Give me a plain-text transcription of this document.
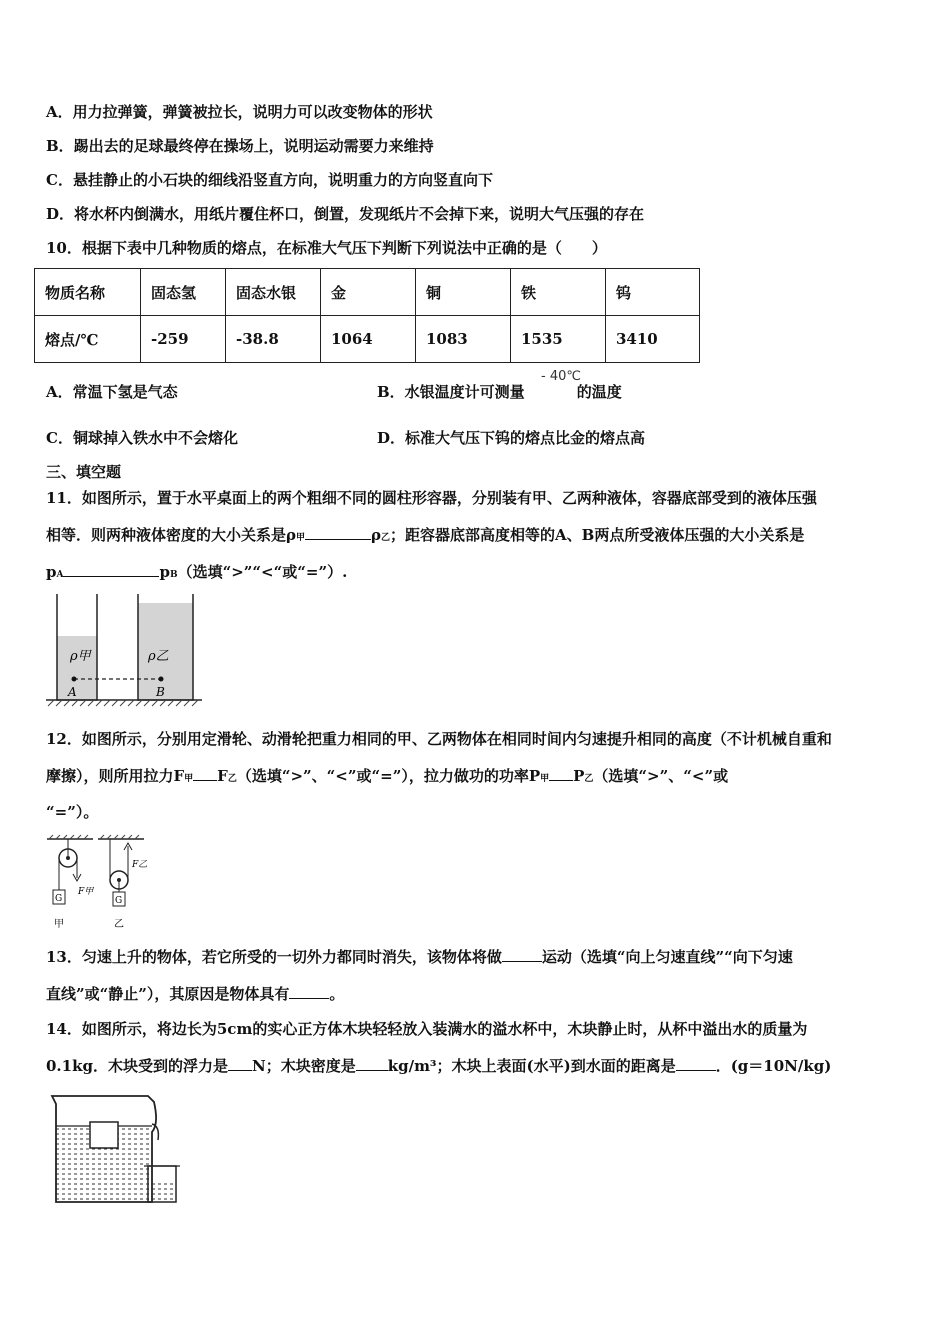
A．用力拉弹簧，弹簧被拉长，说明力可以改变物体的形状
B．踢出去的足球最终停在操场上，说明运动需要力来维持
C．悬挂静止的小石块的细线沿竖直方向，说明重力的方向竖直向下
D．将水杯内倒满水，用纸片覆住杯口，倒置，发现纸片不会掉下来，说明大气压强的存在
10．根据下表中几种物质的熔点，在标准大气压下判断下列说法中正确的是（　　）
物质名称	固态氢	固态水银	金	铜	铁	钨
熔点/℃	-259	-38.8	1064	1083	1535	3410
A．常温下氢是气态	B．水银温度计可测量	的温度
- 40℃
C．铜球掉入铁水中不会熔化	D．标准大气压下钨的熔点比金的熔点高
三、填空题
11．如图所示，置于水平桌面上的两个粗细不同的圆柱形容器，分别装有甲、乙两种液体，容器底部受到的液体压强
相等．则两种液体密度的大小关系是ρ甲	ρ乙；距容器底部高度相等的A、B两点所受液体压强的大小关系是
pA	pB（选填“>”“<“或“=”）.
ρ甲	ρ乙
A	B
12．如图所示，分别用定滑轮、动滑轮把重力相同的甲、乙两物体在相同时间内匀速提升相同的高度（不计机械自重和
摩擦），则所用拉力F甲 F乙（选填“>”、“<”或“=”），拉力做功的功率P甲 P乙（选填“>”、“<”或
“=”）。
G
F甲
甲
G
F乙
乙
13．匀速上升的物体，若它所受的一切外力都同时消失，该物体将做	运动（选填“向上匀速直线”“向下匀速
直线”或“静止”），其原因是物体具有	。
14．如图所示，将边长为5cm的实心正方体木块轻轻放入装满水的溢水杯中，木块静止时，从杯中溢出水的质量为
0.1kg．木块受到的浮力是 N；木块密度是 kg/m³；木块上表面(水平)到水面的距离是	．(g＝10N/kg)
